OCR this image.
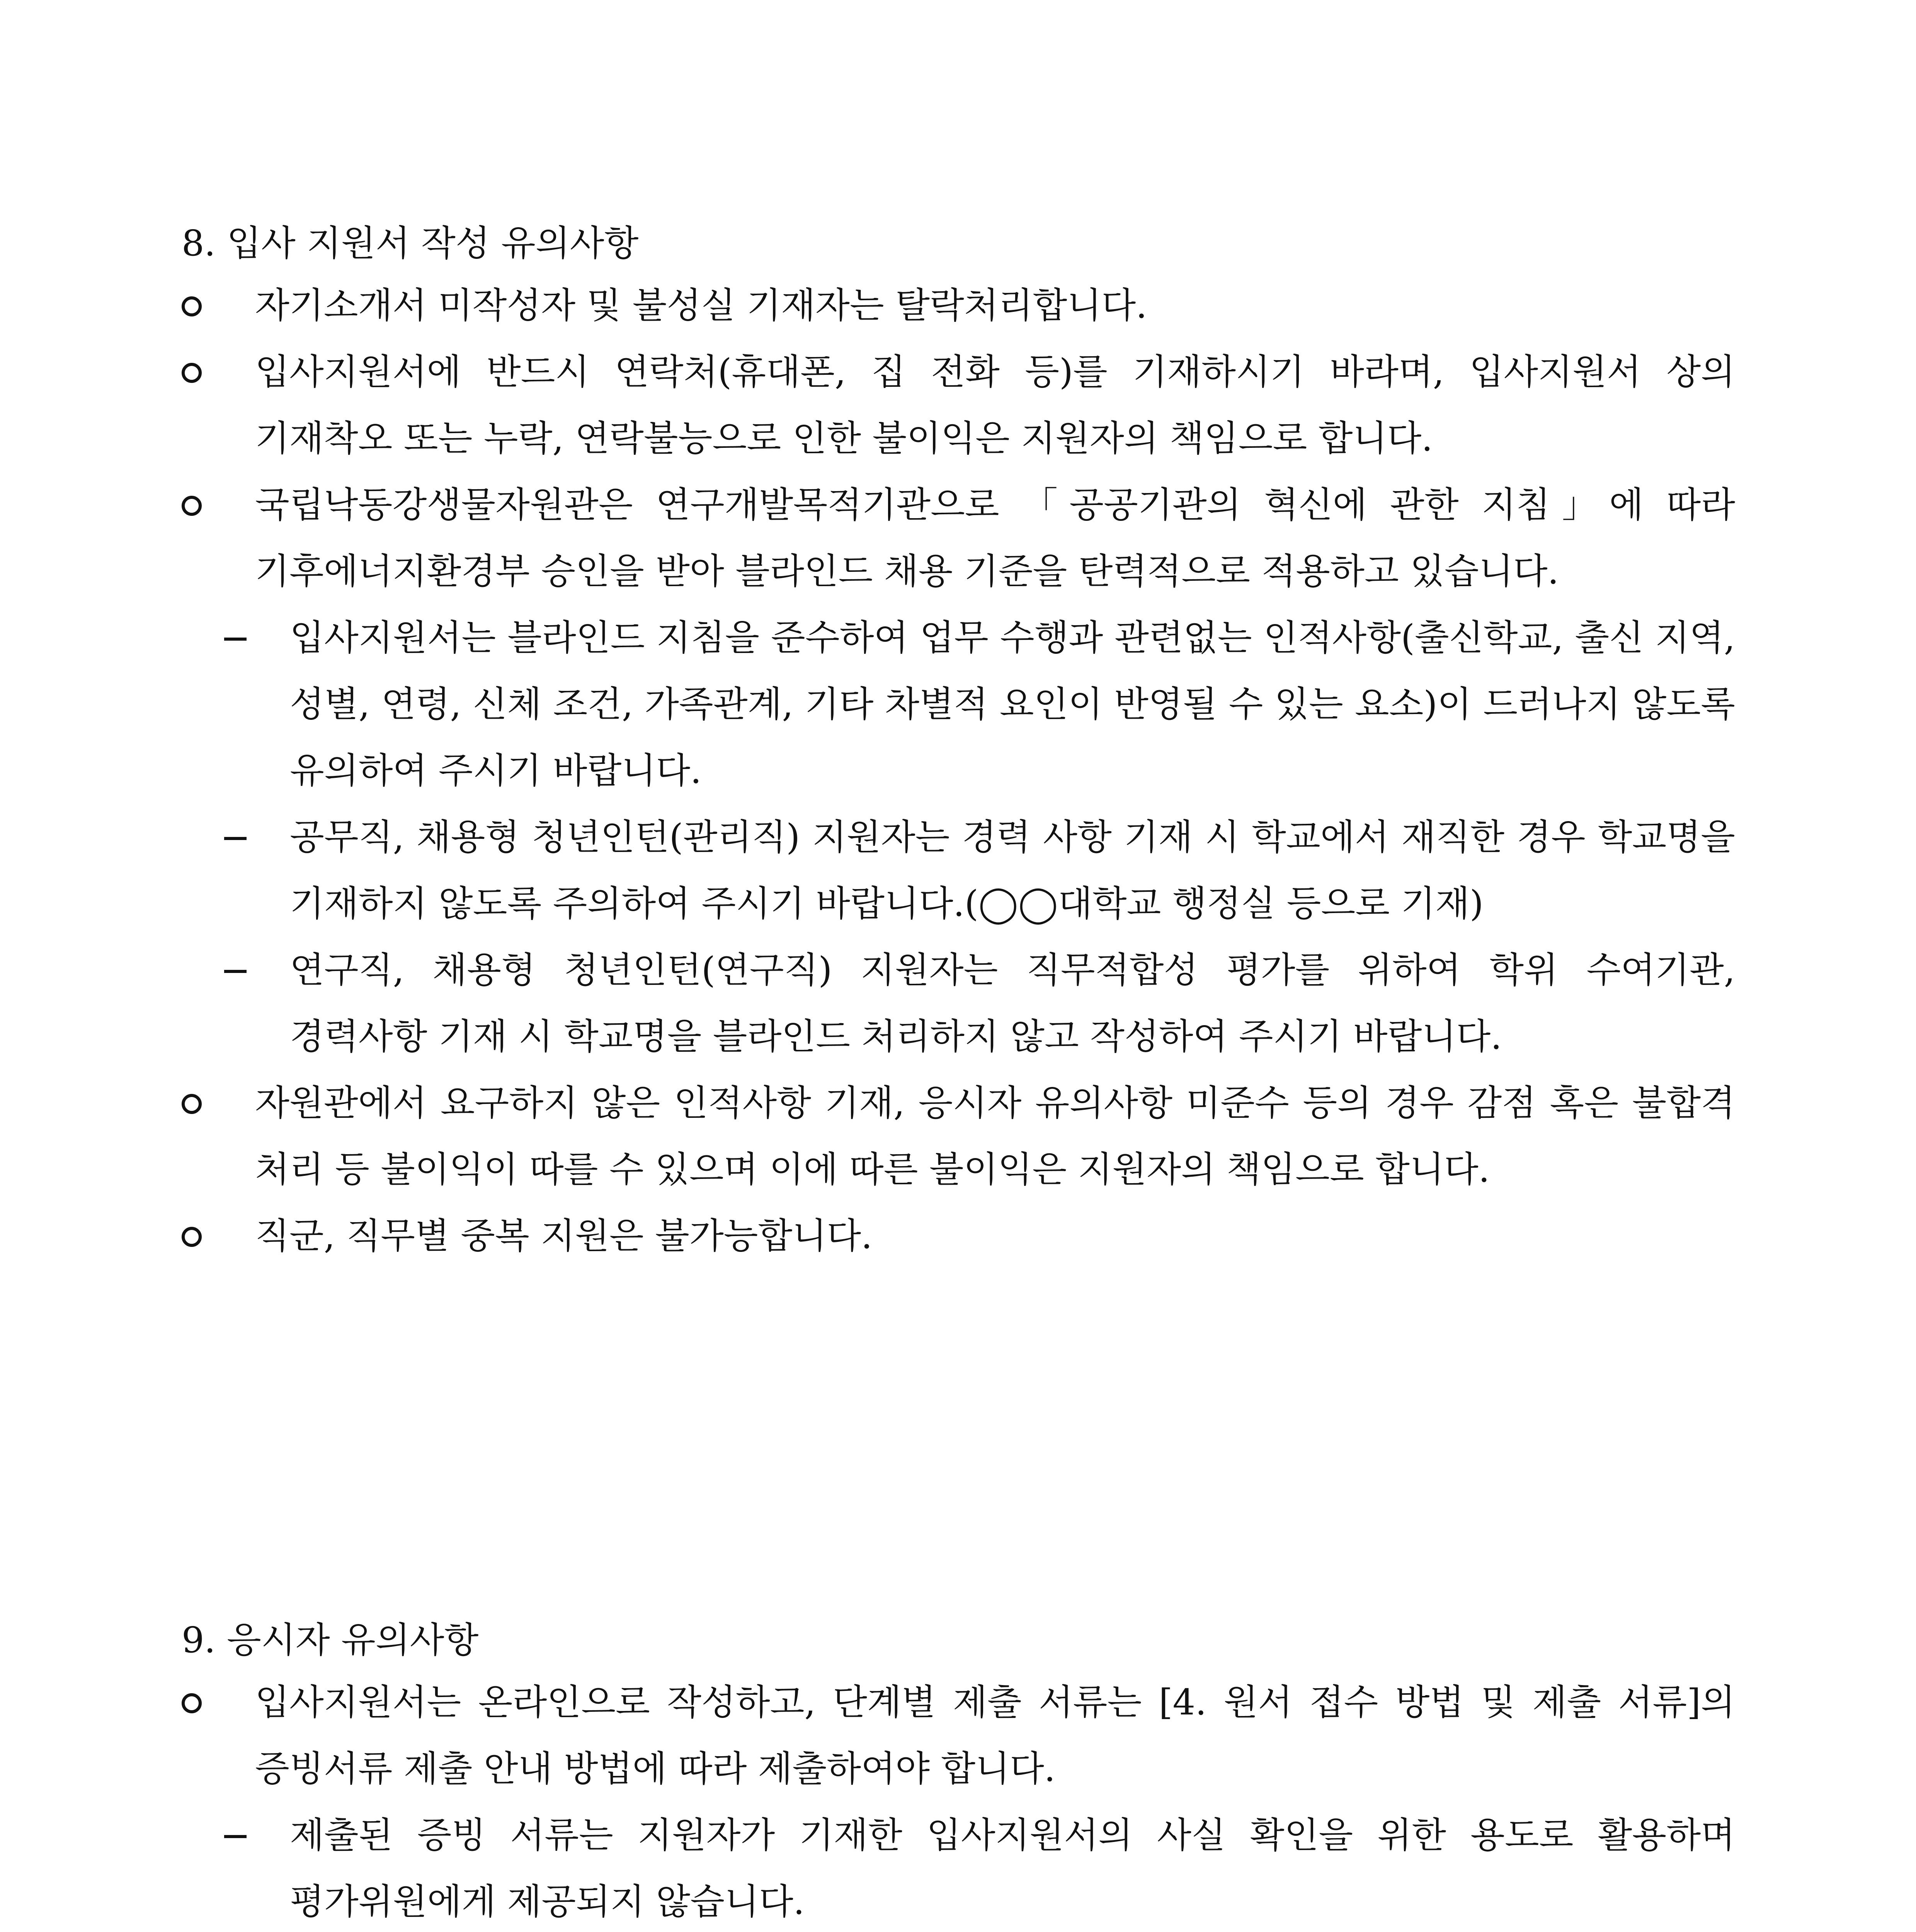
8. 입사 지원서 작성 유의사항
자기소개서 미작성자 및 불성실 기재자는 탈락처리합니다.
입사지원서에 반드시 연락처(휴대폰, 집 전화 등)를 기재하시기 바라며, 입사지원서 상의 기재착오 또는 누락, 연락불능으로 인한 불이익은 지원자의 책임으로 합니다.
국립낙동강생물자원관은 연구개발목적기관으로 「공공기관의 혁신에 관한 지침」에 따라 기후에너지환경부 승인을 받아 블라인드 채용 기준을 탄력적으로 적용하고 있습니다.
입사지원서는 블라인드 지침을 준수하여 업무 수행과 관련없는 인적사항(출신학교, 출신 지역, 성별, 연령, 신체 조건, 가족관계, 기타 차별적 요인이 반영될 수 있는 요소)이 드러나지 않도록 유의하여 주시기 바랍니다.
공무직, 채용형 청년인턴(관리직) 지원자는 경력 사항 기재 시 학교에서 재직한 경우 학교명을 기재하지 않도록 주의하여 주시기 바랍니다.(◯◯대학교 행정실 등으로 기재)
연구직, 채용형 청년인턴(연구직) 지원자는 직무적합성 평가를 위하여 학위 수여기관, 경력사항 기재 시 학교명을 블라인드 처리하지 않고 작성하여 주시기 바랍니다.
자원관에서 요구하지 않은 인적사항 기재, 응시자 유의사항 미준수 등의 경우 감점 혹은 불합격 처리 등 불이익이 따를 수 있으며 이에 따른 불이익은 지원자의 책임으로 합니다.
직군, 직무별 중복 지원은 불가능합니다.
9. 응시자 유의사항
입사지원서는 온라인으로 작성하고, 단계별 제출 서류는 [4. 원서 접수 방법 및 제출 서류]의 증빙서류 제출 안내 방법에 따라 제출하여야 합니다.
제출된 증빙 서류는 지원자가 기재한 입사지원서의 사실 확인을 위한 용도로 활용하며 평가위원에게 제공되지 않습니다.
